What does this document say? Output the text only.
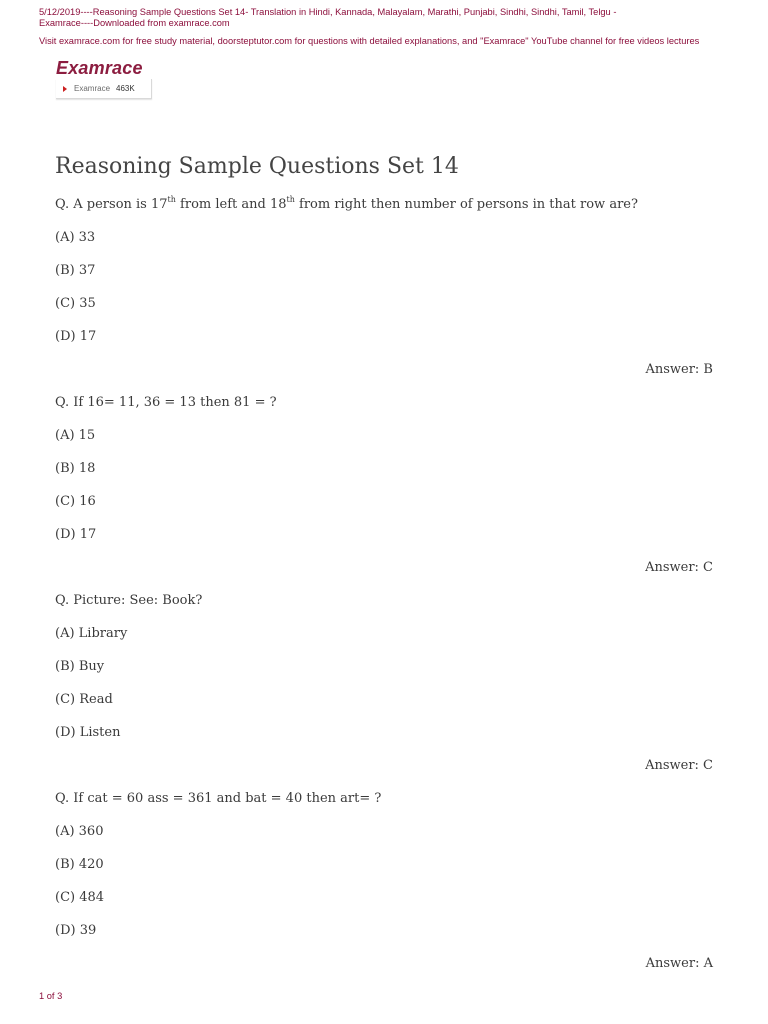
5/12/2019----Reasoning Sample Questions Set 14- Translation in Hindi, Kannada, Malayalam, Marathi, Punjabi, Sindhi, Sindhi, Tamil, Telgu -
Examrace----Downloaded from examrace.com
Visit examrace.com for free study material, doorsteptutor.com for questions with detailed explanations, and "Examrace" YouTube channel for free videos lectures
Examrace
Examrace 463K
Reasoning Sample Questions Set 14
Q. A person is 17th from left and 18th from right then number of persons in that row are?
(A) 33
(B) 37
(C) 35
(D) 17
Answer: B
Q. If 16= 11, 36 = 13 then 81 = ?
(A) 15
(B) 18
(C) 16
(D) 17
Answer: C
Q. Picture: See: Book?
(A) Library
(B) Buy
(C) Read
(D) Listen
Answer: C
Q. If cat = 60 ass = 361 and bat = 40 then art= ?
(A) 360
(B) 420
(C) 484
(D) 39
Answer: A
1 of 3
